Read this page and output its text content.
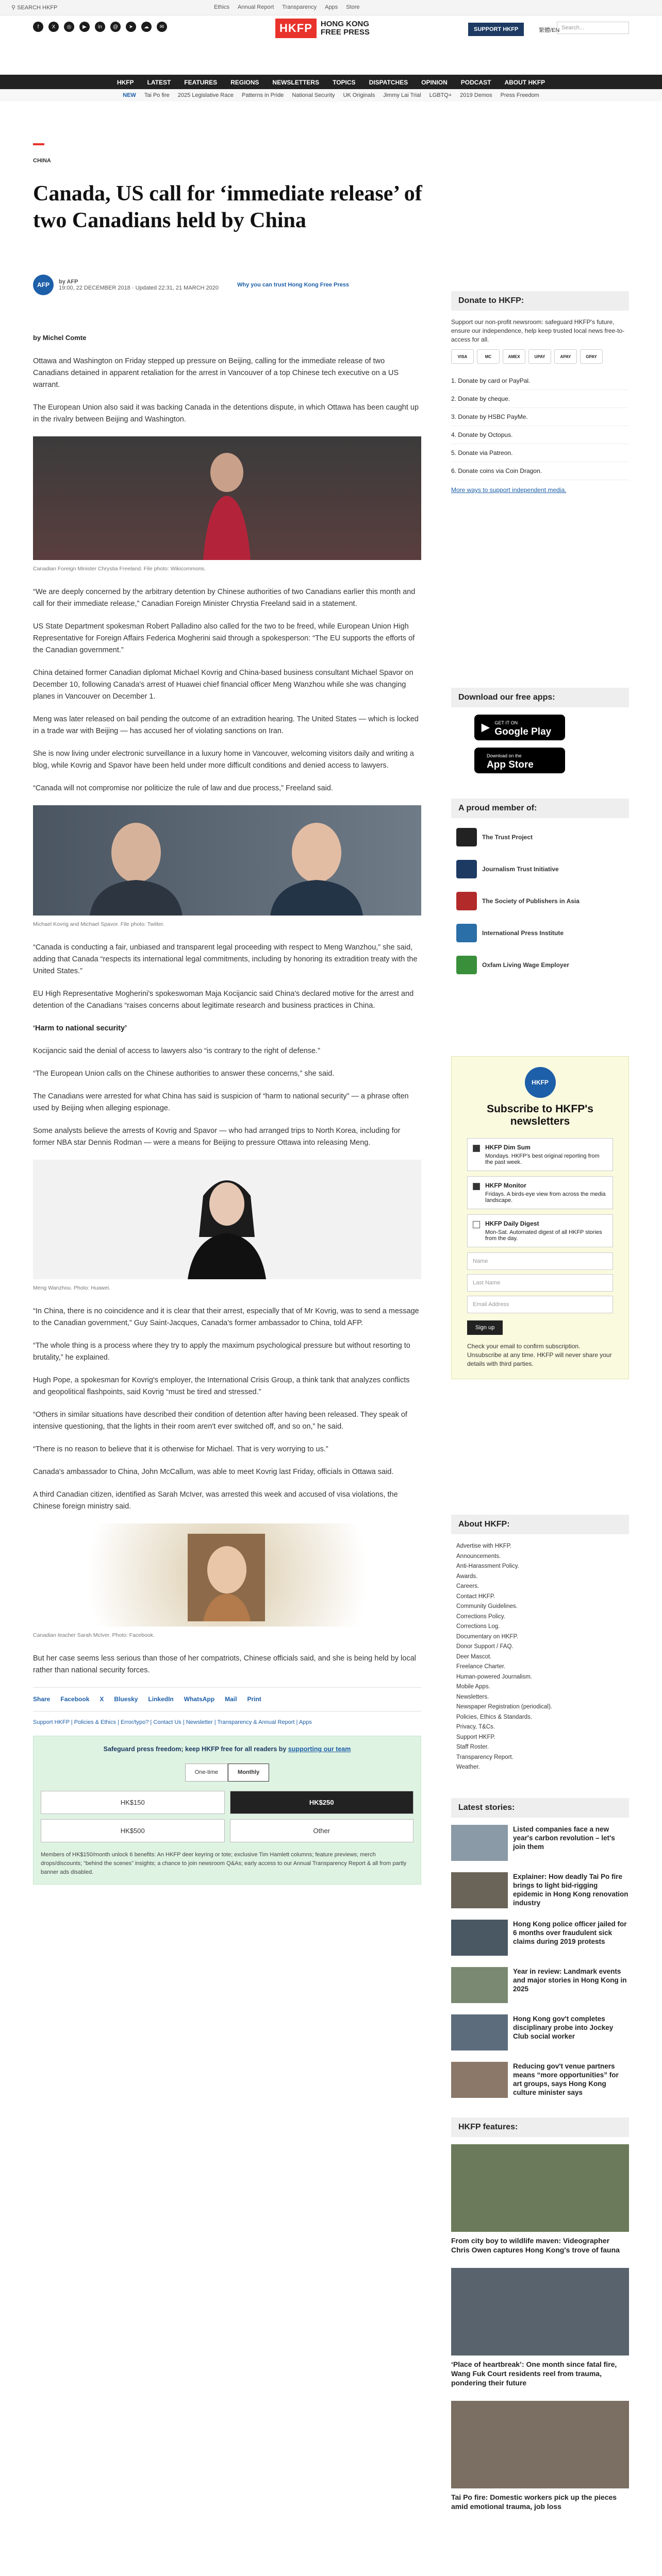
⚲ SEARCH HKFP	Ethics Annual Report Transparency Apps Store
f	X	◎	▶	in	@	➤	☁	✉	HKFP	HONG KONG
FREE PRESS	SUPPORT HKFP	繁體/EN Search...
HKFP LATEST FEATURES REGIONS NEWSLETTERS TOPICS DISPATCHES OPINION PODCAST ABOUT HKFP
NEW Tai Po fire 2025 Legislative Race Patterns in Pride National Security UK Originals Jimmy Lai Trial LGBTQ+ 2019 Demos Press Freedom
CHINA
Canada, US call for ‘immediate release’ of two Canadians held by China
AFP	by AFP
19:00, 22 DECEMBER 2018 · Updated 22:31, 21 MARCH 2020	Why you can trust Hong Kong Free Press
by Michel Comte

Ottawa and Washington on Friday stepped up pressure on Beijing, calling for the immediate release of two Canadians detained in apparent retaliation for the arrest in Vancouver of a top Chinese tech executive on a US warrant.

The European Union also said it was backing Canada in the detentions dispute, in which Ottawa has been caught up in the rivalry between Beijing and Washington.

Canadian Foreign Minister Chrystia Freeland. File photo: Wikicommons.

“We are deeply concerned by the arbitrary detention by Chinese authorities of two Canadians earlier this month and call for their immediate release,” Canadian Foreign Minister Chrystia Freeland said in a statement.

US State Department spokesman Robert Palladino also called for the two to be freed, while European Union High Representative for Foreign Affairs Federica Mogherini said through a spokesperson: “The EU supports the efforts of the Canadian government.”

China detained former Canadian diplomat Michael Kovrig and China-based business consultant Michael Spavor on December 10, following Canada's arrest of Huawei chief financial officer Meng Wanzhou while she was changing planes in Vancouver on December 1.

Meng was later released on bail pending the outcome of an extradition hearing. The United States — which is locked in a trade war with Beijing — has accused her of violating sanctions on Iran.

She is now living under electronic surveillance in a luxury home in Vancouver, welcoming visitors daily and writing a blog, while Kovrig and Spavor have been held under more difficult conditions and denied access to lawyers.

“Canada will not compromise nor politicize the rule of law and due process,” Freeland said.

Michael Kovrig and Michael Spavor. File photo: Twitter.

“Canada is conducting a fair, unbiased and transparent legal proceeding with respect to Meng Wanzhou,” she said, adding that Canada “respects its international legal commitments, including by honoring its extradition treaty with the United States.”

EU High Representative Mogherini's spokeswoman Maja Kocijancic said China's declared motive for the arrest and detention of the Canadians “raises concerns about legitimate research and business practices in China.

‘Harm to national security’

Kocijancic said the denial of access to lawyers also “is contrary to the right of defense.”

“The European Union calls on the Chinese authorities to answer these concerns,” she said.

The Canadians were arrested for what China has said is suspicion of “harm to national security” — a phrase often used by Beijing when alleging espionage.

Some analysts believe the arrests of Kovrig and Spavor — who had arranged trips to North Korea, including for former NBA star Dennis Rodman — were a means for Beijing to pressure Ottawa into releasing Meng.

Meng Wanzhou. Photo: Huawei.

“In China, there is no coincidence and it is clear that their arrest, especially that of Mr Kovrig, was to send a message to the Canadian government,” Guy Saint-Jacques, Canada's former ambassador to China, told AFP.

“The whole thing is a process where they try to apply the maximum psychological pressure but without resorting to brutality,” he explained.

Hugh Pope, a spokesman for Kovrig's employer, the International Crisis Group, a think tank that analyzes conflicts and geopolitical flashpoints, said Kovrig “must be tired and stressed.”

“Others in similar situations have described their condition of detention after having been released. They speak of intensive questioning, that the lights in their room aren't ever switched off, and so on,” he said.

“There is no reason to believe that it is otherwise for Michael. That is very worrying to us.”

Canada's ambassador to China, John McCallum, was able to meet Kovrig last Friday, officials in Ottawa said.

A third Canadian citizen, identified as Sarah McIver, was arrested this week and accused of visa violations, the Chinese foreign ministry said.

Canadian teacher Sarah McIver. Photo: Facebook.

But her case seems less serious than those of her compatriots, Chinese officials said, and she is being held by local rather than national security forces.

Share Facebook X Bluesky LinkedIn WhatsApp Mail Print
Support HKFP | Policies & Ethics | Error/typo? | Contact Us | Newsletter | Transparency & Annual Report | Apps
Safeguard press freedom; keep HKFP free for all readers by supporting our team
One-time	Monthly
HK$150	HK$250
HK$500	Other
Members of HK$150/month unlock 6 benefits: An HKFP deer keyring or tote; exclusive Tim Hamlett columns; feature previews; merch drops/discounts; “behind the scenes” insights; a chance to join newsroom Q&As; early access to our Annual Transparency Report & all from partly banner ads disabled.
Donate to HKFP:
Support our non-profit newsroom: safeguard HKFP's future, ensure our independence, help keep trusted local news free-to-access for all.
VISA	MC	AMEX	UPAY	APAY	GPAY
1. Donate by card or PayPal.
2. Donate by cheque.
3. Donate by HSBC PayMe.
4. Donate by Octopus.
5. Donate via Patreon.
6. Donate coins via Coin Dragon.
More ways to support independent media.
Download our free apps:
▶ GET IT ON
Google Play
Download on the
App Store
A proud member of:
The Trust Project
Journalism Trust Initiative
The Society of Publishers in Asia
International Press Institute
Oxfam Living Wage Employer
HKFP
Subscribe to HKFP's newsletters
HKFP Dim Sum
Mondays. HKFP's best original reporting from the past week.
HKFP Monitor
Fridays. A birds-eye view from across the media landscape.
HKFP Daily Digest
Mon-Sat. Automated digest of all HKFP stories from the day.
Name
Last Name
Email Address
Sign up
Check your email to confirm subscription. Unsubscribe at any time. HKFP will never share your details with third parties.
About HKFP:
Advertise with HKFP.
Announcements.
Anti-Harassment Policy.
Awards.
Careers.
Contact HKFP.
Community Guidelines.
Corrections Policy.
Corrections Log.
Documentary on HKFP.
Donor Support / FAQ.
Deer Mascot.
Freelance Charter.
Human-powered Journalism.
Mobile Apps.
Newsletters.
Newspaper Registration (periodical).
Policies, Ethics & Standards.
Privacy, T&Cs.
Support HKFP.
Staff Roster.
Transparency Report.
Weather.
Latest stories:
Listed companies face a new year's carbon revolution – let's join them
Explainer: How deadly Tai Po fire brings to light bid-rigging epidemic in Hong Kong renovation industry
Hong Kong police officer jailed for 6 months over fraudulent sick claims during 2019 protests
Year in review: Landmark events and major stories in Hong Kong in 2025
Hong Kong gov't completes disciplinary probe into Jockey Club social worker
Reducing gov't venue partners means “more opportunities” for art groups, says Hong Kong culture minister says
HKFP features:
From city boy to wildlife maven: Videographer Chris Owen captures Hong Kong's trove of fauna
‘Place of heartbreak’: One month since fatal fire, Wang Fuk Court residents reel from trauma, pondering their future
Tai Po fire: Domestic workers pick up the pieces amid emotional trauma, job loss
